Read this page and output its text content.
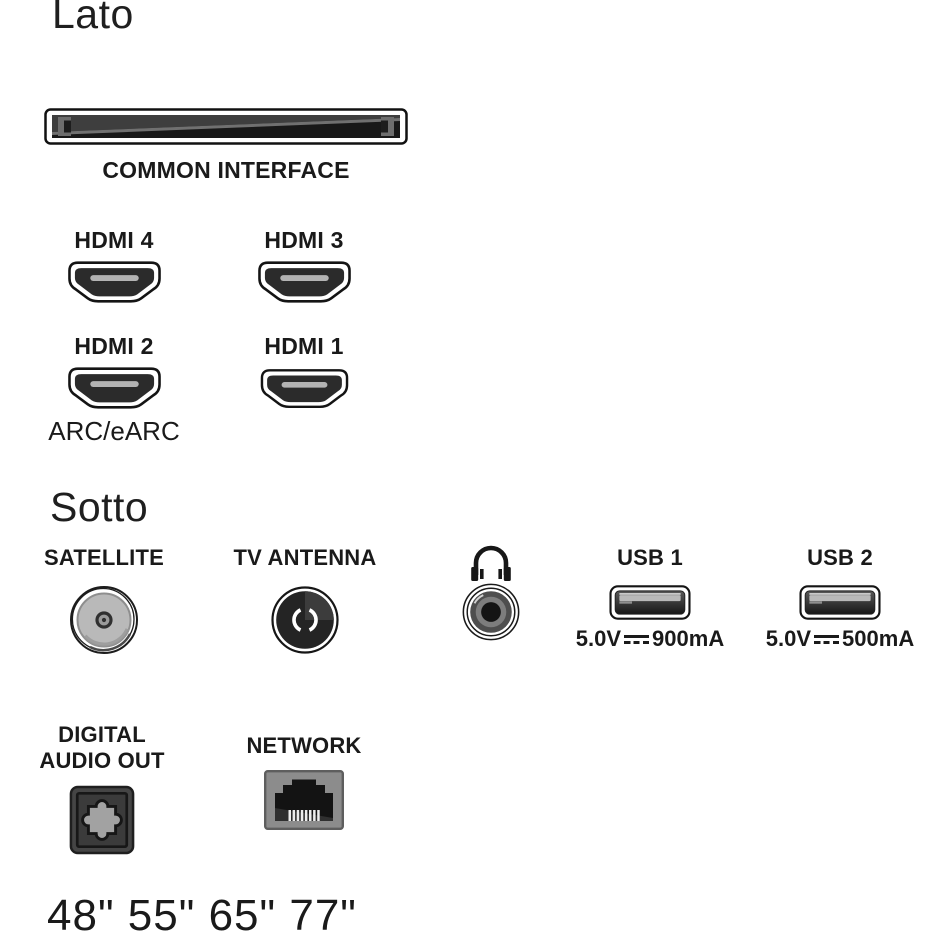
Lato
COMMON INTERFACE
HDMI 4	HDMI 3
HDMI 2
ARC/eARC
HDMI 1
Sotto
SATELLITE	TV ANTENNA	USB 1
5.0V 900mA
USB 2
5.0V 500mA
DIGITAL
AUDIO OUT
NETWORK
48" 55" 65" 77"
